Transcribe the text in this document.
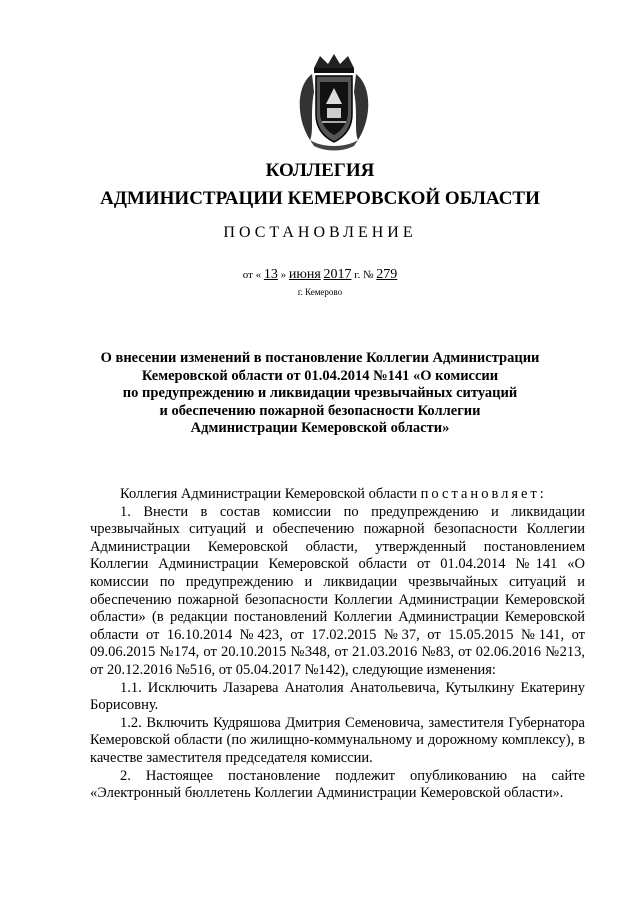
КОЛЛЕГИЯ
АДМИНИСТРАЦИИ КЕМЕРОВСКОЙ ОБЛАСТИ
ПОСТАНОВЛЕНИЕ
от « 13 » июня 2017 г. № 279
г. Кемерово
О внесении изменений в постановление Коллегии Администрации
Кемеровской области от 01.04.2014 №141 «О комиссии
по предупреждению и ликвидации чрезвычайных ситуаций
и обеспечению пожарной безопасности Коллегии
Администрации Кемеровской области»

Коллегия Администрации Кемеровской области постановляет:

1. Внести в состав комиссии по предупреждению и ликвидации чрезвычайных ситуаций и обеспечению пожарной безопасности Коллегии Администрации Кемеровской области, утвержденный постановлением Коллегии Администрации Кемеровской области от 01.04.2014 №141 «О комиссии по предупреждению и ликвидации чрезвычайных ситуаций и обеспечению пожарной безопасности Коллегии Администрации Кемеровской области» (в редакции постановлений Коллегии Администрации Кемеровской области от 16.10.2014 №423, от 17.02.2015 №37, от 15.05.2015 №141, от 09.06.2015 №174, от 20.10.2015 №348, от 21.03.2016 №83, от 02.06.2016 №213, от 20.12.2016 №516, от 05.04.2017 №142), следующие изменения:

1.1. Исключить Лазарева Анатолия Анатольевича, Кутылкину Екатерину Борисовну.

1.2. Включить Кудряшова Дмитрия Семеновича, заместителя Губернатора Кемеровской области (по жилищно-коммунальному и дорожному комплексу), в качестве заместителя председателя комиссии.

2. Настоящее постановление подлежит опубликованию на сайте «Электронный бюллетень Коллегии Администрации Кемеровской области».
